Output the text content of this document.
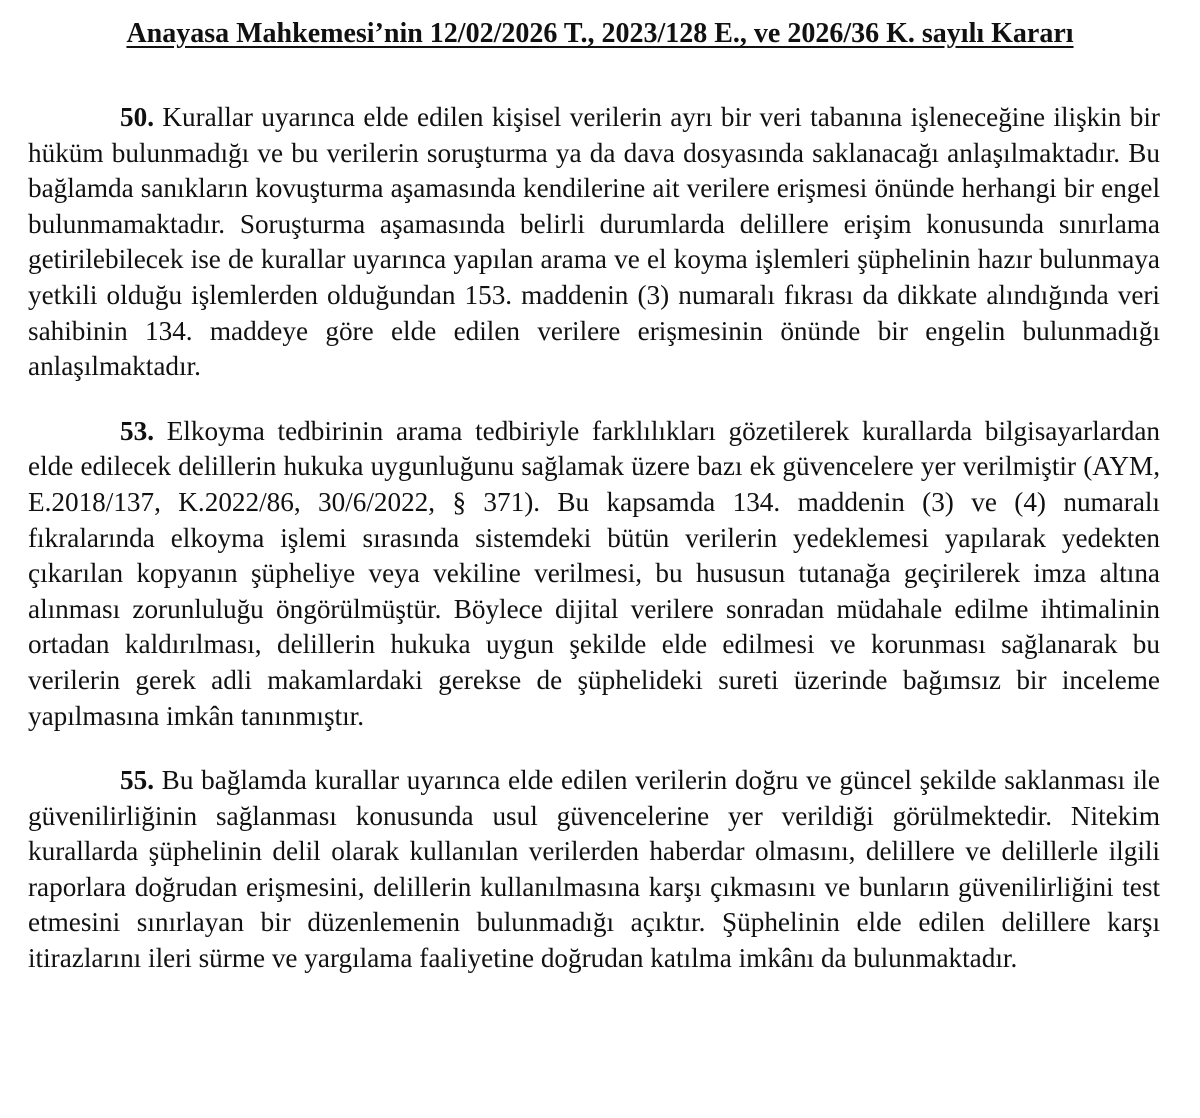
Anayasa Mahkemesi’nin 12/02/2026 T., 2023/128 E., ve 2026/36 K. sayılı Kararı

50. Kurallar uyarınca elde edilen kişisel verilerin ayrı bir veri tabanına işleneceğine ilişkin bir hüküm bulunmadığı ve bu verilerin soruşturma ya da dava dosyasında saklanacağı anlaşılmaktadır. Bu bağlamda sanıkların kovuşturma aşamasında kendilerine ait verilere erişmesi önünde herhangi bir engel bulunmamaktadır. Soruşturma aşamasında belirli durumlarda delillere erişim konusunda sınırlama getirilebilecek ise de kurallar uyarınca yapılan arama ve el koyma işlemleri şüphelinin hazır bulunmaya yetkili olduğu işlemlerden olduğundan 153. maddenin (3) numaralı fıkrası da dikkate alındığında veri sahibinin 134. maddeye göre elde edilen verilere erişmesinin önünde bir engelin bulunmadığı anlaşılmaktadır.

53. Elkoyma tedbirinin arama tedbiriyle farklılıkları gözetilerek kurallarda bilgisayarlardan elde edilecek delillerin hukuka uygunluğunu sağlamak üzere bazı ek güvencelere yer verilmiştir (AYM, E.2018/137, K.2022/86, 30/6/2022, § 371). Bu kapsamda 134. maddenin (3) ve (4) numaralı fıkralarında elkoyma işlemi sırasında sistemdeki bütün verilerin yedeklemesi yapılarak yedekten çıkarılan kopyanın şüpheliye veya vekiline verilmesi, bu hususun tutanağa geçirilerek imza altına alınması zorunluluğu öngörülmüştür. Böylece dijital verilere sonradan müdahale edilme ihtimalinin ortadan kaldırılması, delillerin hukuka uygun şekilde elde edilmesi ve korunması sağlanarak bu verilerin gerek adli makamlardaki gerekse de şüphelideki sureti üzerinde bağımsız bir inceleme yapılmasına imkân tanınmıştır.

55. Bu bağlamda kurallar uyarınca elde edilen verilerin doğru ve güncel şekilde saklanması ile güvenilirliğinin sağlanması konusunda usul güvencelerine yer verildiği görülmektedir. Nitekim kurallarda şüphelinin delil olarak kullanılan verilerden haberdar olmasını, delillere ve delillerle ilgili raporlara doğrudan erişmesini, delillerin kullanılmasına karşı çıkmasını ve bunların güvenilirliğini test etmesini sınırlayan bir düzenlemenin bulunmadığı açıktır. Şüphelinin elde edilen delillere karşı itirazlarını ileri sürme ve yargılama faaliyetine doğrudan katılma imkânı da bulunmaktadır.
